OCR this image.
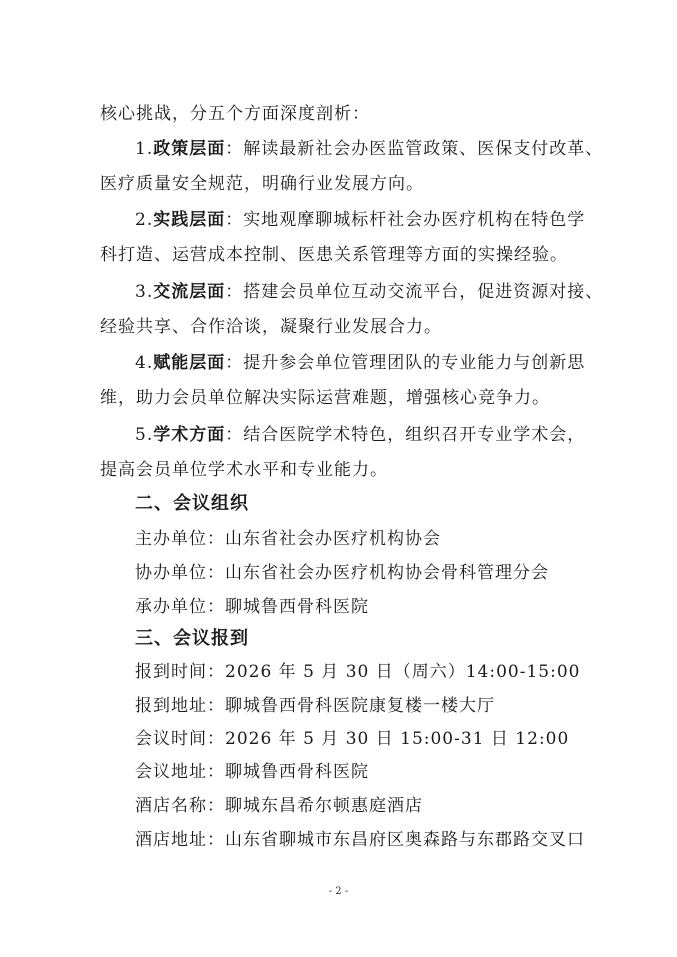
核心挑战，分五个方面深度剖析：
1.政策层面：解读最新社会办医监管政策、医保支付改革、
医疗质量安全规范，明确行业发展方向。
2.实践层面：实地观摩聊城标杆社会办医疗机构在特色学
科打造、运营成本控制、医患关系管理等方面的实操经验。
3.交流层面：搭建会员单位互动交流平台，促进资源对接、
经验共享、合作洽谈，凝聚行业发展合力。
4.赋能层面：提升参会单位管理团队的专业能力与创新思
维，助力会员单位解决实际运营难题，增强核心竞争力。
5.学术方面：结合医院学术特色，组织召开专业学术会，
提高会员单位学术水平和专业能力。
二、会议组织
主办单位：山东省社会办医疗机构协会
协办单位：山东省社会办医疗机构协会骨科管理分会
承办单位：聊城鲁西骨科医院
三、会议报到
报到时间：2026 年 5 月 30 日（周六）14:00-15:00
报到地址：聊城鲁西骨科医院康复楼一楼大厅
会议时间：2026 年 5 月 30 日 15:00-31 日 12:00
会议地址：聊城鲁西骨科医院
酒店名称：聊城东昌希尔顿惠庭酒店
酒店地址：山东省聊城市东昌府区奥森路与东郡路交叉口
- 2 -
